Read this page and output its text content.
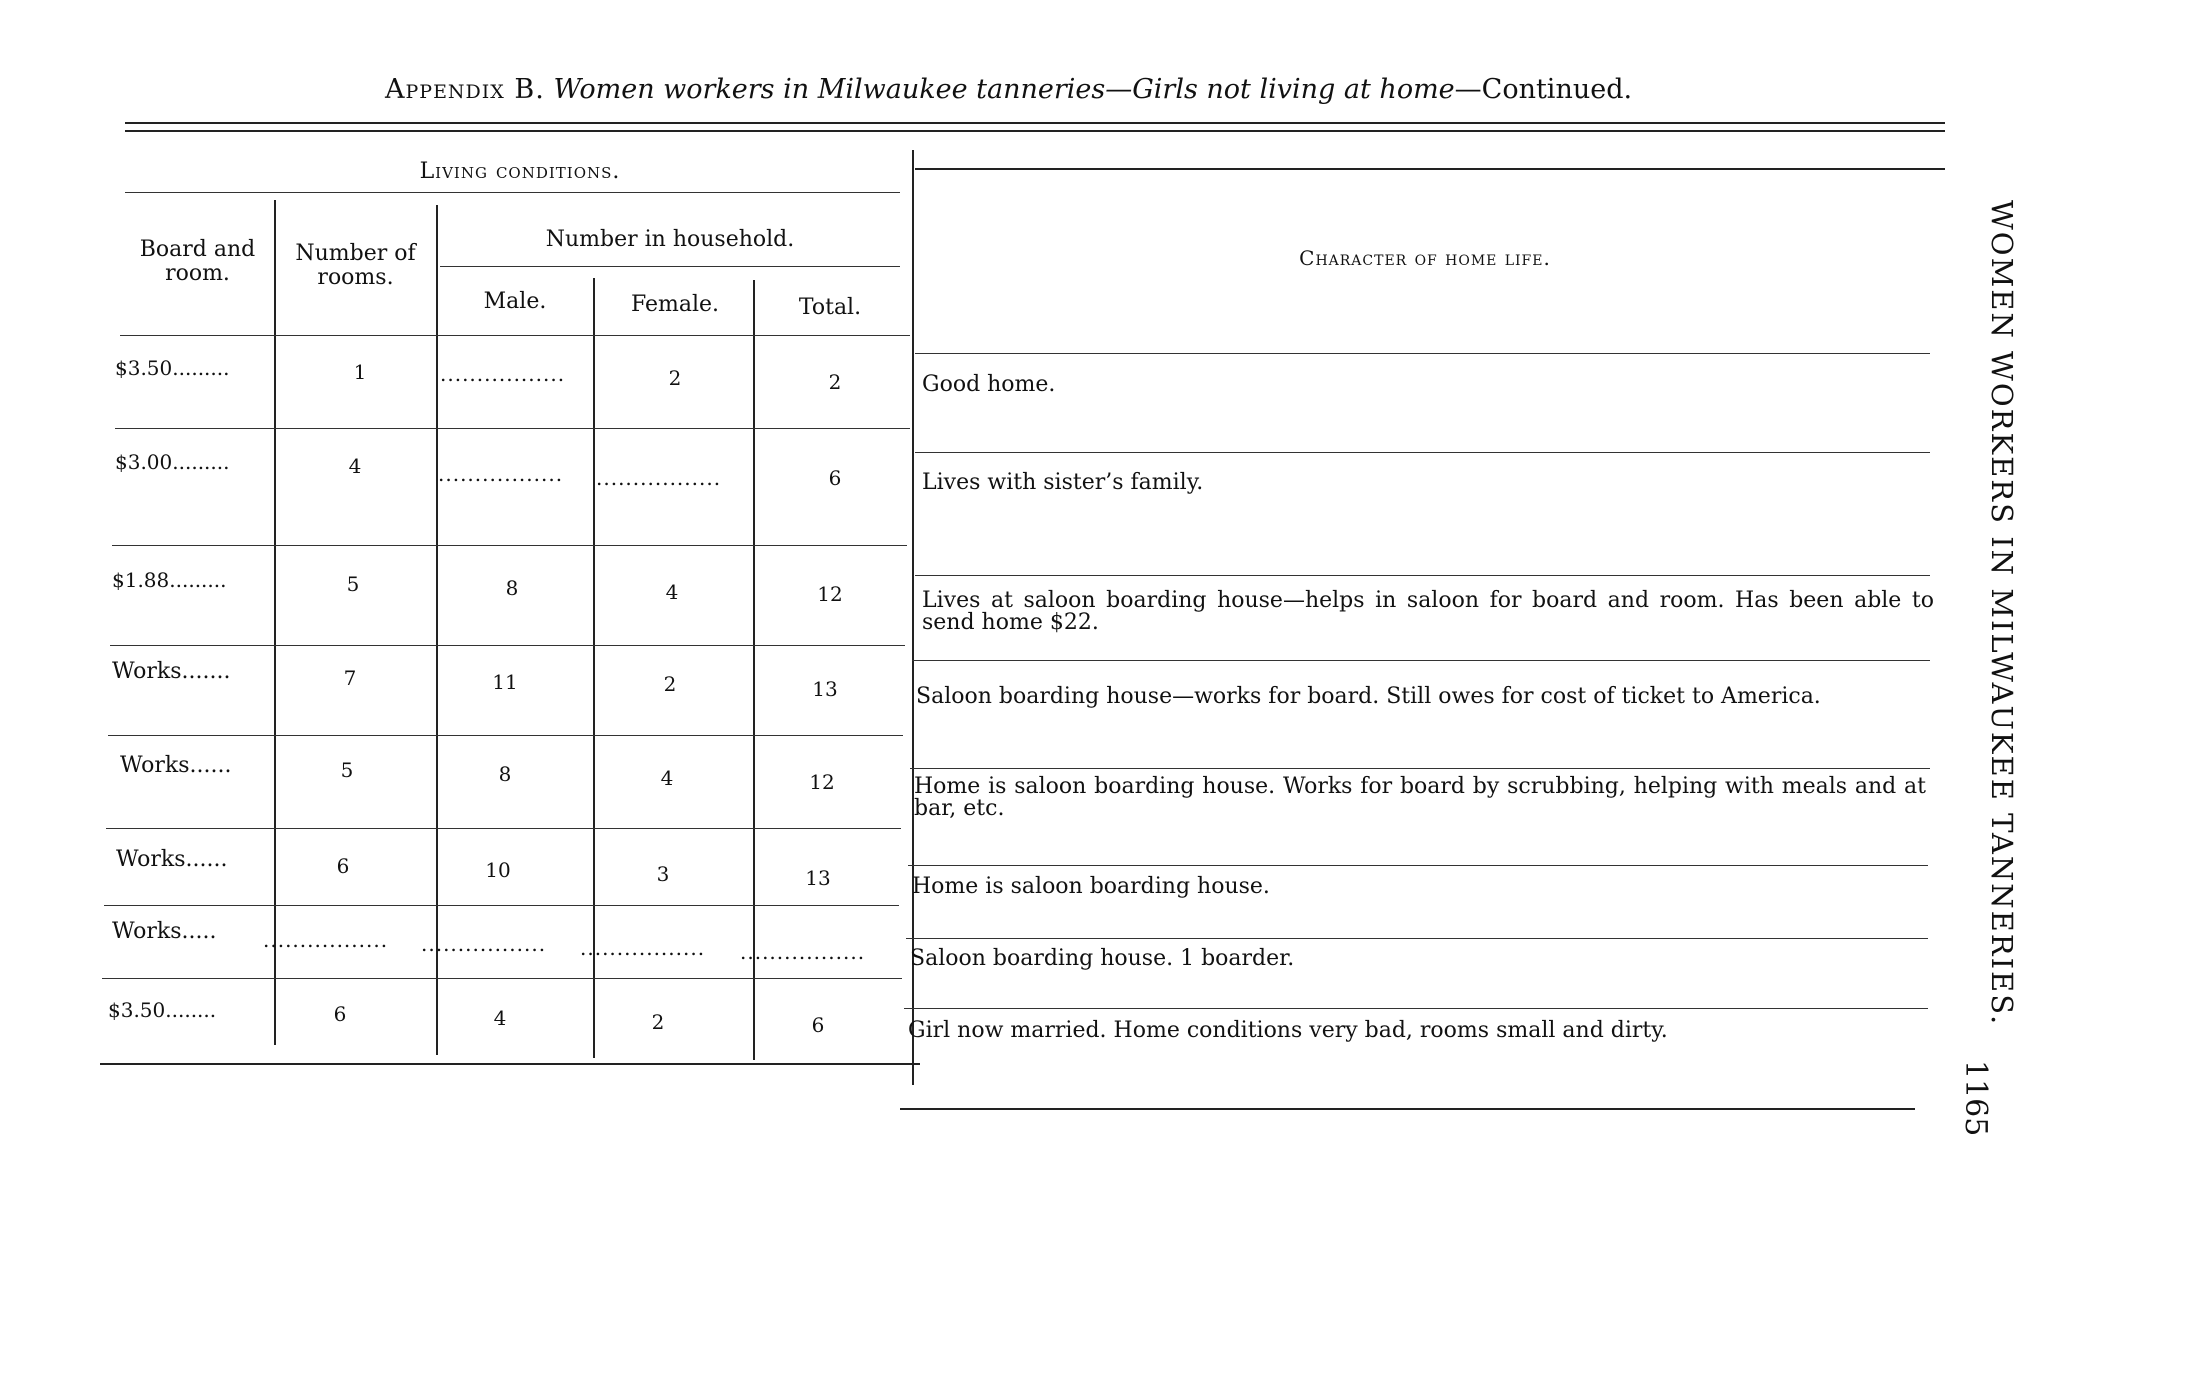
Appendix B. Women workers in Milwaukee tanneries—Girls not living at home—Continued.
WOMEN WORKERS IN MILWAUKEE TANNERIES.
1165
Living conditions.
Board and room.
Number of rooms.
Number in household.
Male.	Female.	Total.
Character of home life.
$3.50.........	1	.................	2	2	Good home.
$3.00.........	4	.................	.................	6	Lives with sister’s family.
$1.88.........	5	8	4	12	Lives at saloon boarding house—helps in saloon for board and room. Has been able to send home $22.
Works.......	7	11	2	13	Saloon boarding house—works for board. Still owes for cost of ticket to America.
Works......	5	8	4	12	Home is saloon boarding house. Works for board by scrubbing, helping with meals and at bar, etc.
Works......	6	10	3	13	Home is saloon boarding house.
Works..... .................	.................	.................	.................	Saloon boarding house. 1 boarder.
$3.50........	6	4	2	6	Girl now married. Home conditions very bad, rooms small and dirty.
